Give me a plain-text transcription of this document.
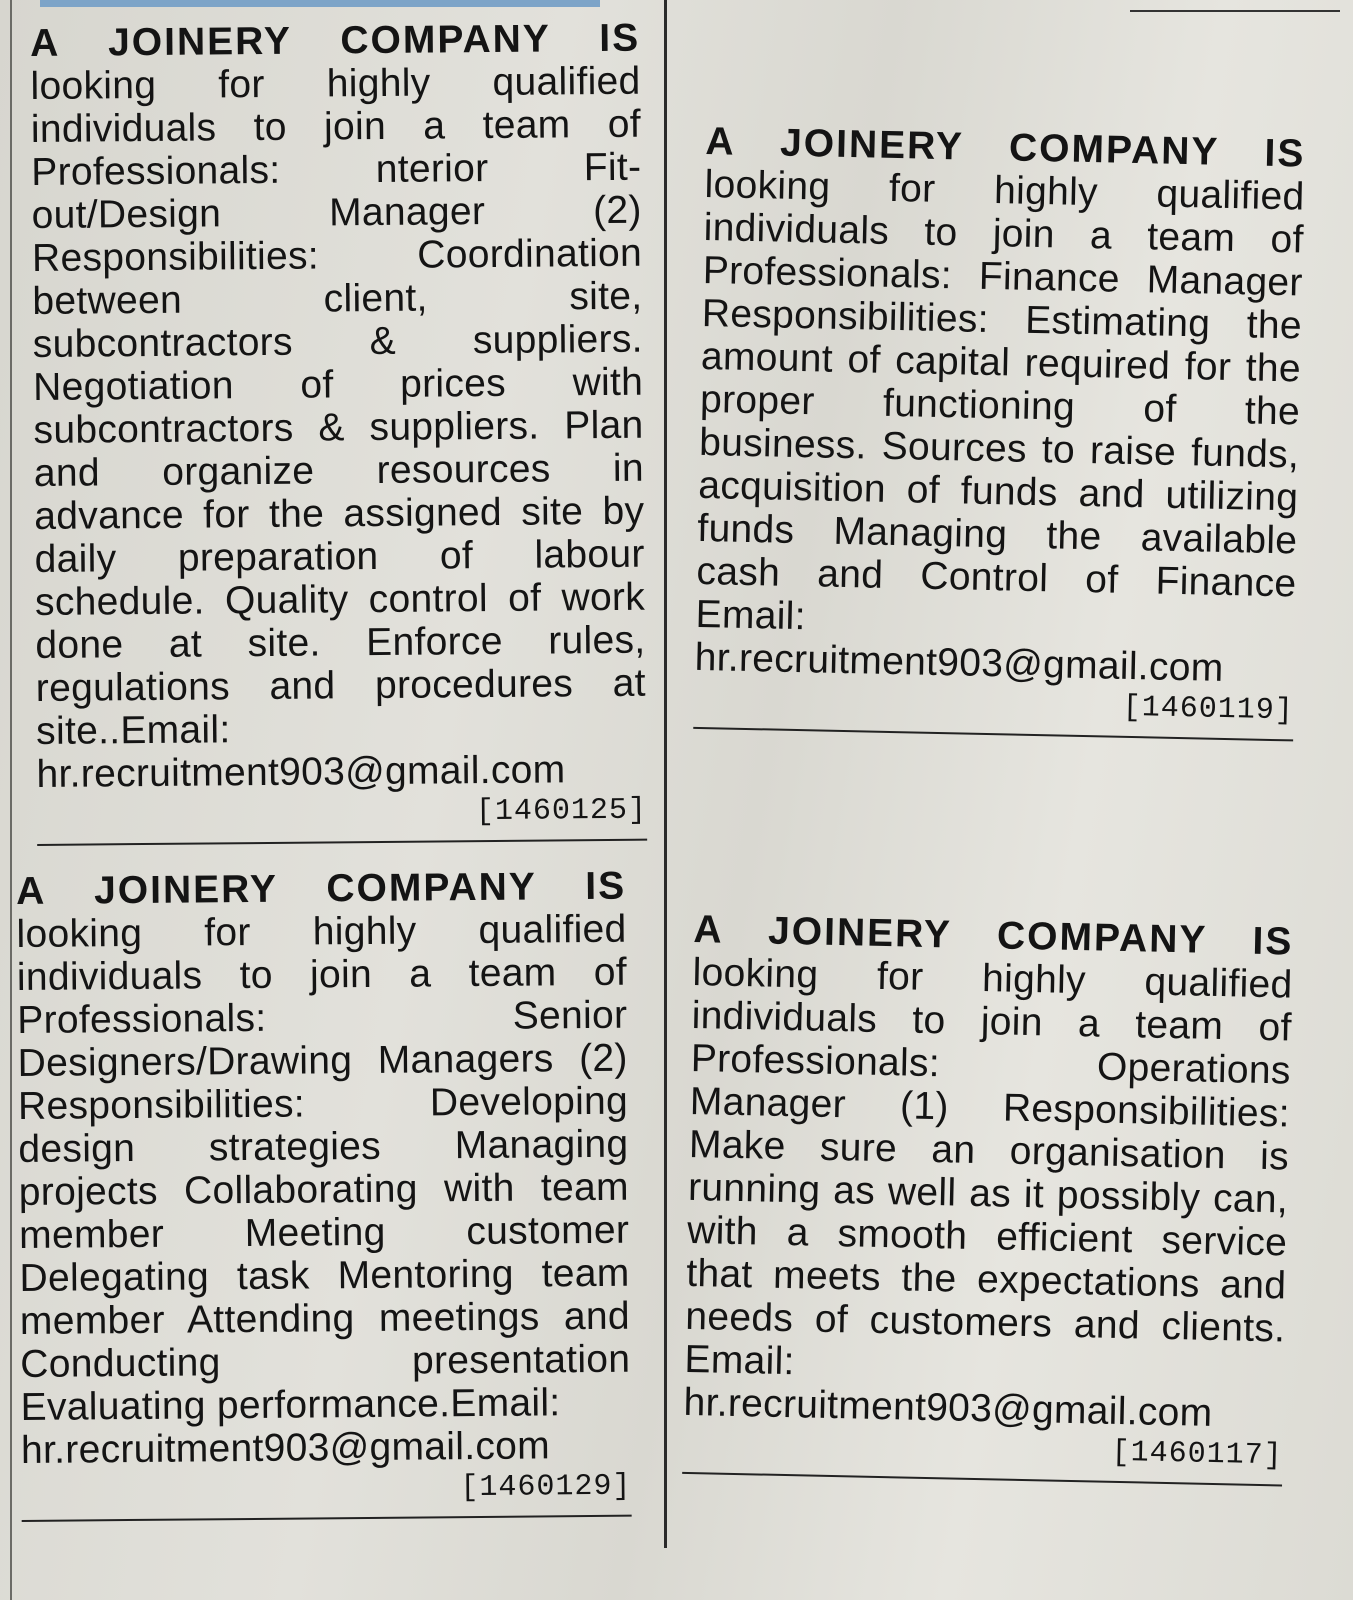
A JOINERY COMPANY IS looking for highly qualified individuals to join a team of Professionals: nterior Fit-out/Design Manager (2) Responsibilities: Coordination between client, site, subcontractors & suppliers. Negotiation of prices with subcontractors & suppliers. Plan and organize resources in advance for the assigned site by daily preparation of labour schedule. Quality control of work done at site. Enforce rules, regulations and procedures at site..Email:
hr.recruitment903@gmail.com
[1460125]
A JOINERY COMPANY IS looking for highly qualified individuals to join a team of Professionals: Senior Designers/Drawing Managers (2) Responsibilities: Developing design strategies Managing projects Collaborating with team member Meeting customer Delegating task Mentoring team member Attending meetings and Conducting presentation Evaluating performance.Email:
hr.recruitment903@gmail.com
[1460129]
A JOINERY COMPANY IS looking for highly qualified individuals to join a team of Professionals: Finance Manager Responsibilities: Estimating the amount of capital required for the proper functioning of the business. Sources to raise funds, acquisition of funds and utilizing funds Managing the available cash and Control of Finance Email:
hr.recruitment903@gmail.com
[1460119]
A JOINERY COMPANY IS looking for highly qualified individuals to join a team of Professionals: Operations Manager (1) Responsibilities: Make sure an organisation is running as well as it possibly can, with a smooth efficient service that meets the expectations and needs of customers and clients. Email:
hr.recruitment903@gmail.com
[1460117]
